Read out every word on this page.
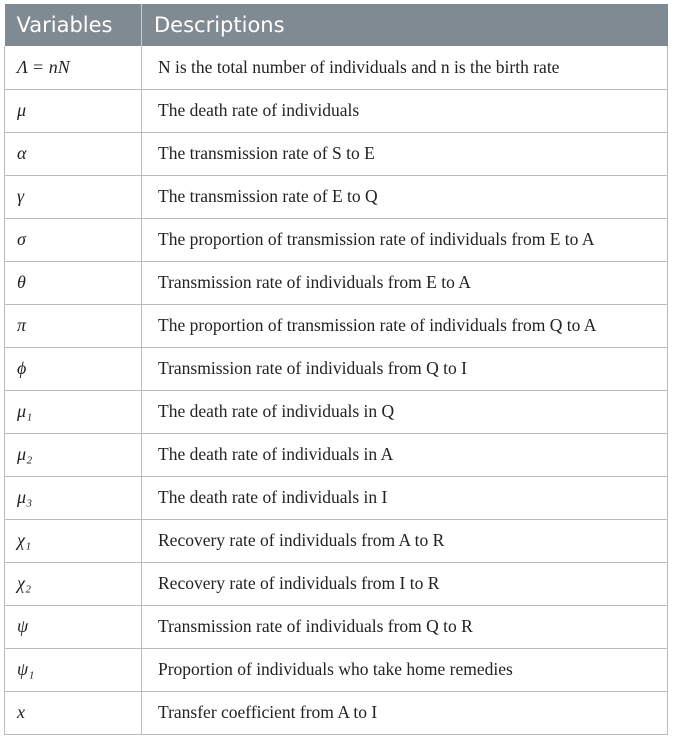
Variables	Descriptions
Λ = nN	N is the total number of individuals and n is the birth rate
μ	The death rate of individuals
α	The transmission rate of S to E
γ	The transmission rate of E to Q
σ	The proportion of transmission rate of individuals from E to A
θ	Transmission rate of individuals from E to A
π	The proportion of transmission rate of individuals from Q to A
ϕ	Transmission rate of individuals from Q to I
μ₁	The death rate of individuals in Q
μ₂	The death rate of individuals in A
μ₃	The death rate of individuals in I
χ₁	Recovery rate of individuals from A to R
χ₂	Recovery rate of individuals from I to R
ψ	Transmission rate of individuals from Q to R
ψ₁	Proportion of individuals who take home remedies
x	Transfer coefficient from A to I
